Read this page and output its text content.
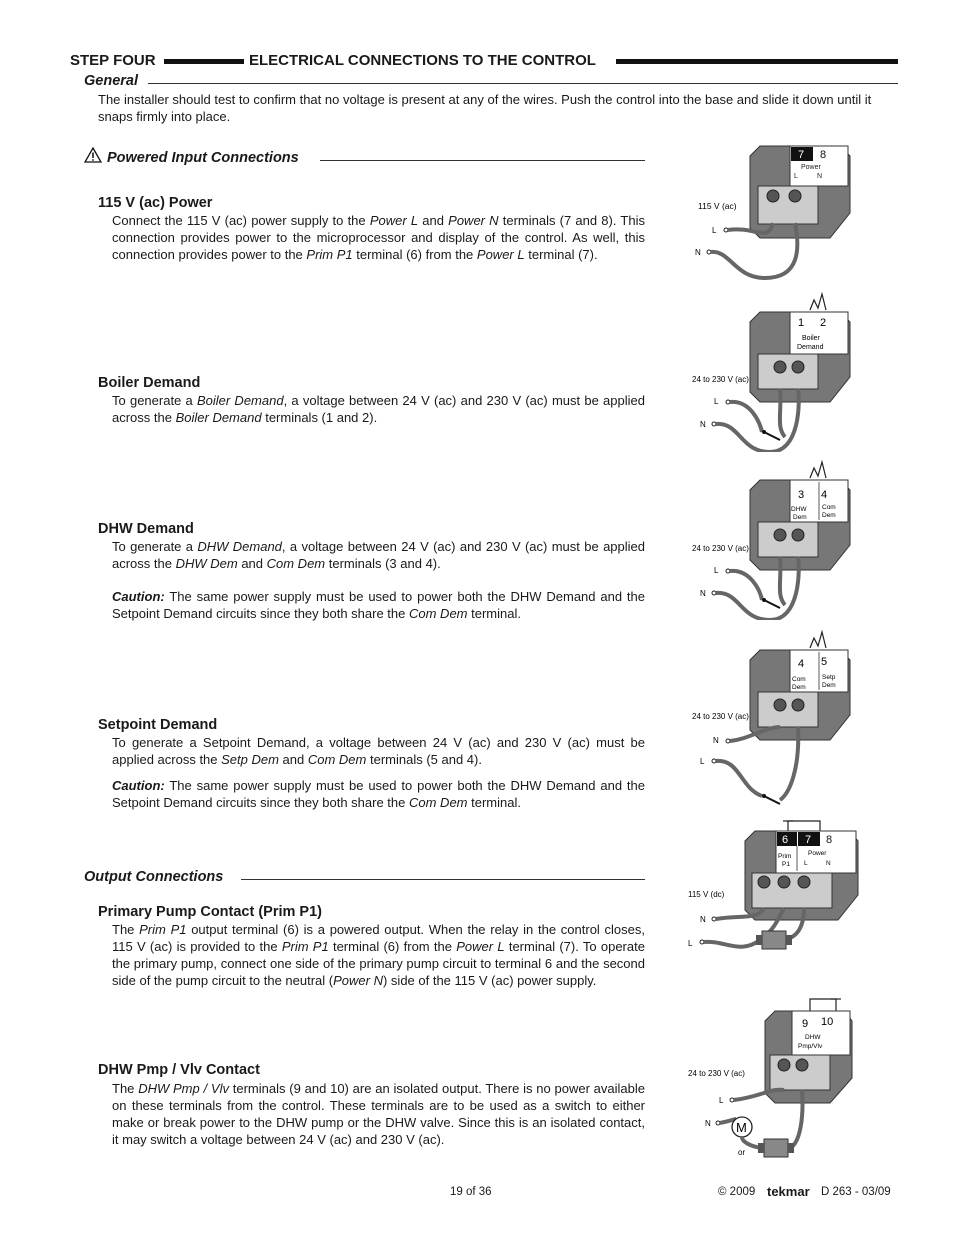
STEP FOUR	ELECTRICAL CONNECTIONS TO THE CONTROL
General
The installer should test to confirm that no voltage is present at any of the wires. Push the control into the base and slide it down until it snaps firmly into place.
Powered Input Connections
115 V (ac) Power
Connect the 115 V (ac) power supply to the Power L and Power N terminals (7 and 8). This connection provides power to the microprocessor and display of the control. As well, this connection provides power to the Prim P1 terminal (6) from the Power L terminal (7).
Boiler Demand
To generate a Boiler Demand, a voltage between 24 V (ac) and 230 V (ac) must be applied across the Boiler Demand terminals (1 and 2).
DHW Demand
To generate a DHW Demand, a voltage between 24 V (ac) and 230 V (ac) must be applied across the DHW Dem and Com Dem terminals (3 and 4).
Caution: The same power supply must be used to power both the DHW Demand and the Setpoint Demand circuits since they both share the Com Dem terminal.
Setpoint Demand
To generate a Setpoint Demand, a voltage between 24 V (ac) and 230 V (ac) must be applied across the Setp Dem and Com Dem terminals (5 and 4).
Caution: The same power supply must be used to power both the DHW Demand and the Setpoint Demand circuits since they both share the Com Dem terminal.
Output Connections
Primary Pump Contact (Prim P1)
The Prim P1 output terminal (6) is a powered output. When the relay in the control closes, 115 V (ac) is provided to the Prim P1 terminal (6) from the Power L terminal (7). To operate the primary pump, connect one side of the primary pump circuit to terminal 6 and the second side of the pump circuit to the neutral (Power N) side of the 115 V (ac) power supply.
DHW Pmp / Vlv Contact
The DHW Pmp / Vlv terminals (9 and 10) are an isolated output. There is no power available on these terminals from the control. These terminals are to be used as a switch to either make or break power to the DHW pump or the DHW valve. Since this is an isolated contact, it may switch a voltage between 24 V (ac) and 230 V (ac).
7 8
Power
L	N
115 V (ac)
L
N
1 2
Boiler
Demand
24 to 230 V (ac)
L
N
3 4
DHW
Dem
Com
Dem
24 to 230 V (ac)
L
N
4 5
Com
Dem
Setp
Dem
24 to 230 V (ac)
N
L
6 7 8
Prim
P1
Power
L	N
115 V (dc)
N
L
9 10
DHW
Pmp/Vlv
24 to 230 V (ac)
L
N M
or
19 of 36	© 2009 tekmar D 263 - 03/09
